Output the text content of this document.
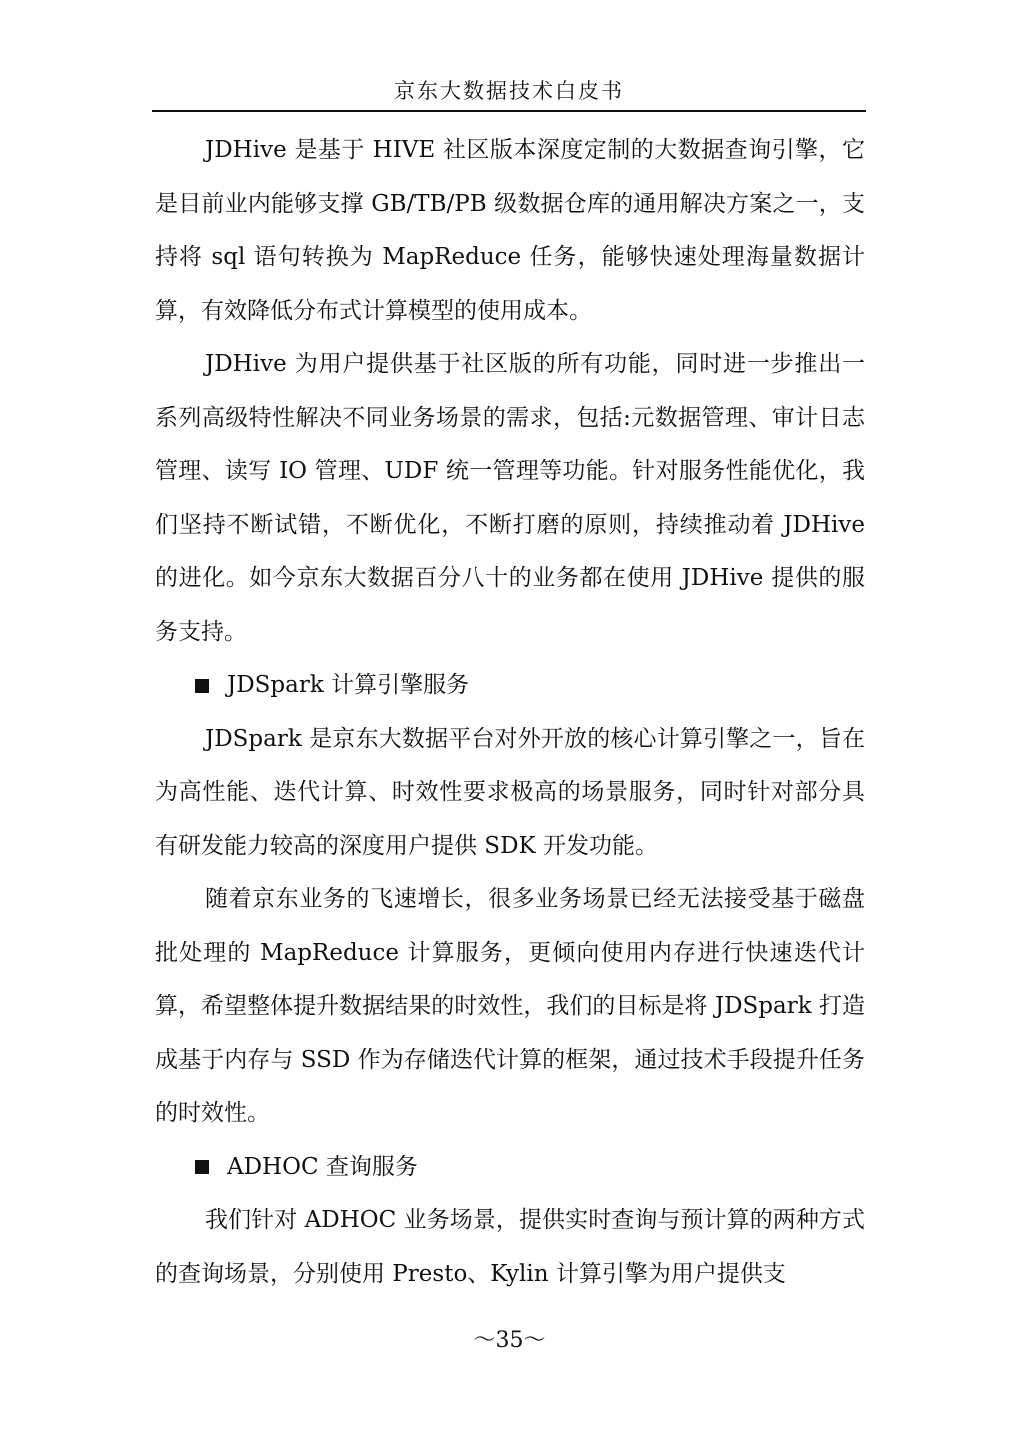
京东大数据技术白皮书

JDHive 是基于 HIVE 社区版本深度定制的大数据查询引擎，它是目前业内能够支撑 GB/TB/PB 级数据仓库的通用解决方案之一，支持将 sql 语句转换为 MapReduce 任务，能够快速处理海量数据计算，有效降低分布式计算模型的使用成本。

JDHive 为用户提供基于社区版的所有功能，同时进一步推出一系列高级特性解决不同业务场景的需求，包括:元数据管理、审计日志管理、读写 IO 管理、UDF 统一管理等功能。针对服务性能优化，我们坚持不断试错，不断优化，不断打磨的原则，持续推动着 JDHive 的进化。如今京东大数据百分八十的业务都在使用 JDHive 提供的服务支持。

JDSpark 计算引擎服务

JDSpark 是京东大数据平台对外开放的核心计算引擎之一，旨在为高性能、迭代计算、时效性要求极高的场景服务，同时针对部分具有研发能力较高的深度用户提供 SDK 开发功能。

随着京东业务的飞速增长，很多业务场景已经无法接受基于磁盘批处理的 MapReduce 计算服务，更倾向使用内存进行快速迭代计算，希望整体提升数据结果的时效性，我们的目标是将 JDSpark 打造成基于内存与 SSD 作为存储迭代计算的框架，通过技术手段提升任务的时效性。

ADHOC 查询服务

我们针对 ADHOC 业务场景，提供实时查询与预计算的两种方式的查询场景，分别使用 Presto、Kylin 计算引擎为用户提供支

～35～
